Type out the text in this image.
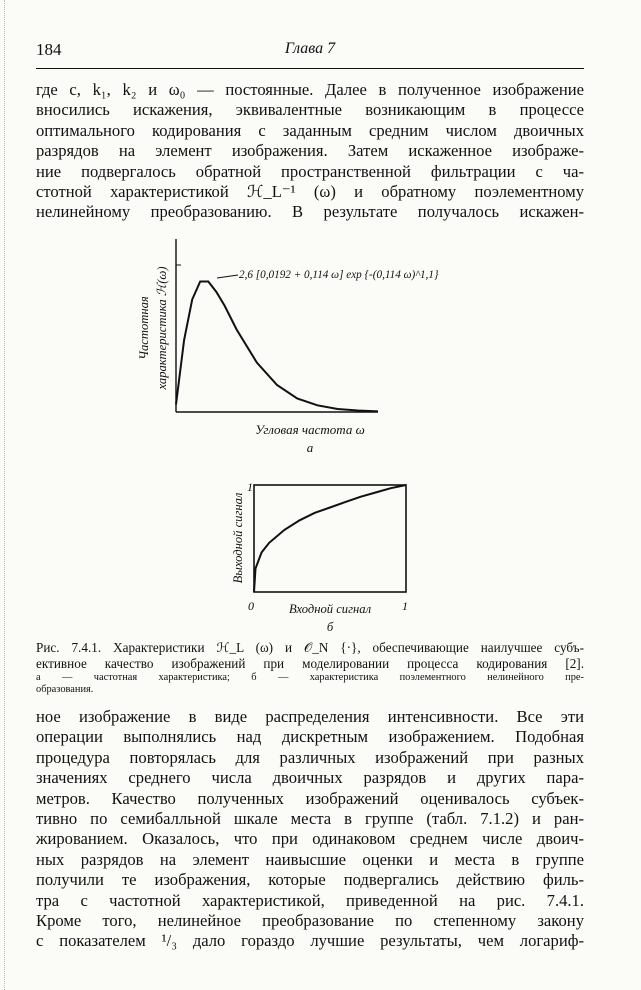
184	Глава 7
где c, k₁, k₂ и ω₀ — постоянные. Далее в полученное изображение
вносились искажения, эквивалентные возникающим в процессе
оптимального кодирования с заданным средним числом двоичных
разрядов на элемент изображения. Затем искаженное изображе-
ние подвергалось обратной пространственной фильтрации с ча-
стотной характеристикой ℋ_L⁻¹ (ω) и обратному поэлементному
нелинейному преобразованию. В результате получалось искажен-
2,6 [0,0192 + 0,114 ω] exp {-(0,114 ω)^1,1}
Частотная характеристика ℋ(ω)
Угловая частота ω
а
Выходной сигнал
1
0	1
Входной сигнал
б
Рис. 7.4.1. Характеристики ℋ_L (ω) и 𝒪_N {·}, обеспечивающие наилучшее субъ-
ективное качество изображений при моделировании процесса кодирования [2].
а — частотная характеристика; б — характеристика поэлементного нелинейного пре-
образования.
ное изображение в виде распределения интенсивности. Все эти
операции выполнялись над дискретным изображением. Подобная
процедура повторялась для различных изображений при разных
значениях среднего числа двоичных разрядов и других пара-
метров. Качество полученных изображений оценивалось субъек-
тивно по семибалльной шкале места в группе (табл. 7.1.2) и ран-
жированием. Оказалось, что при одинаковом среднем числе двоич-
ных разрядов на элемент наивысшие оценки и места в группе
получили те изображения, которые подвергались действию филь-
тра с частотной характеристикой, приведенной на рис. 7.4.1.
Кроме того, нелинейное преобразование по степенному закону
с показателем ¹/₃ дало гораздо лучшие результаты, чем логариф-
